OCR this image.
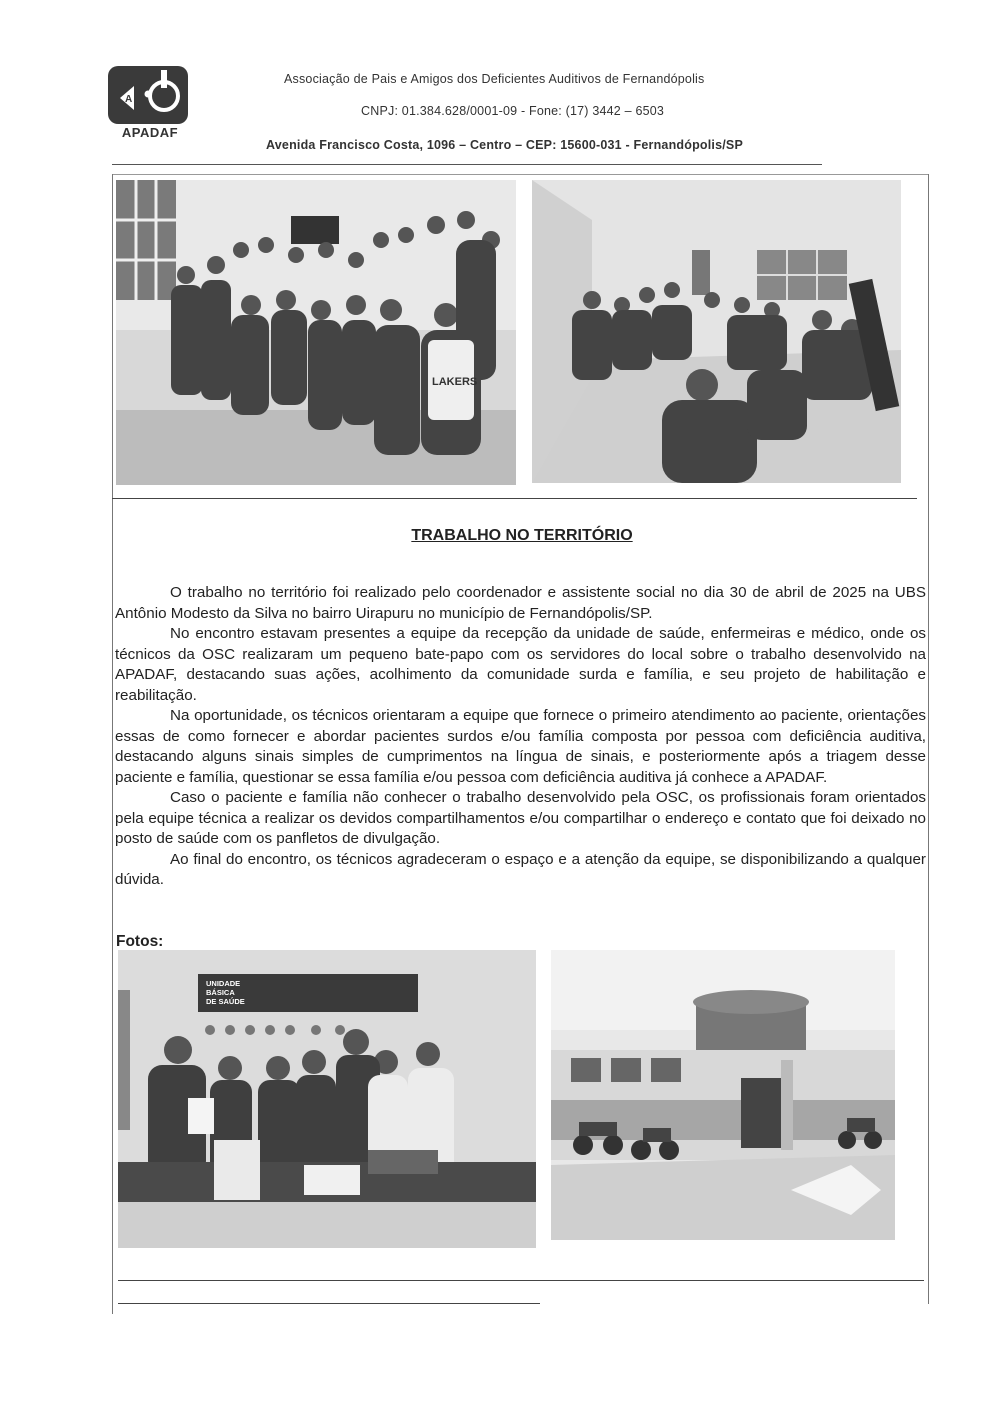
A
APADAF
Associação de Pais e Amigos dos Deficientes Auditivos de Fernandópolis
CNPJ: 01.384.628/0001-09 - Fone: (17) 3442 – 6503
Avenida Francisco Costa, 1096 – Centro – CEP: 15600-031 - Fernandópolis/SP
LAKERS
TRABALHO NO TERRITÓRIO

O trabalho no território foi realizado pelo coordenador e assistente social no dia 30 de abril de 2025 na UBS Antônio Modesto da Silva no bairro Uirapuru no município de Fernandópolis/SP.

No encontro estavam presentes a equipe da recepção da unidade de saúde, enfermeiras e médico, onde os técnicos da OSC realizaram um pequeno bate-papo com os servidores do local sobre o trabalho desenvolvido na APADAF, destacando suas ações, acolhimento da comunidade surda e família, e seu projeto de habilitação e reabilitação.

Na oportunidade, os técnicos orientaram a equipe que fornece o primeiro atendimento ao paciente, orientações essas de como fornecer e abordar pacientes surdos e/ou família composta por pessoa com deficiência auditiva, destacando alguns sinais simples de cumprimentos na língua de sinais, e posteriormente após a triagem desse paciente e família, questionar se essa família e/ou pessoa com deficiência auditiva já conhece a APADAF.

Caso o paciente e família não conhecer o trabalho desenvolvido pela OSC, os profissionais foram orientados pela equipe técnica a realizar os devidos compartilhamentos e/ou compartilhar o endereço e contato que foi deixado no posto de saúde com os panfletos de divulgação.

Ao final do encontro, os técnicos agradeceram o espaço e a atenção da equipe, se disponibilizando a qualquer dúvida.

Fotos:
UNIDADE
BÁSICA
DE SAÚDE
